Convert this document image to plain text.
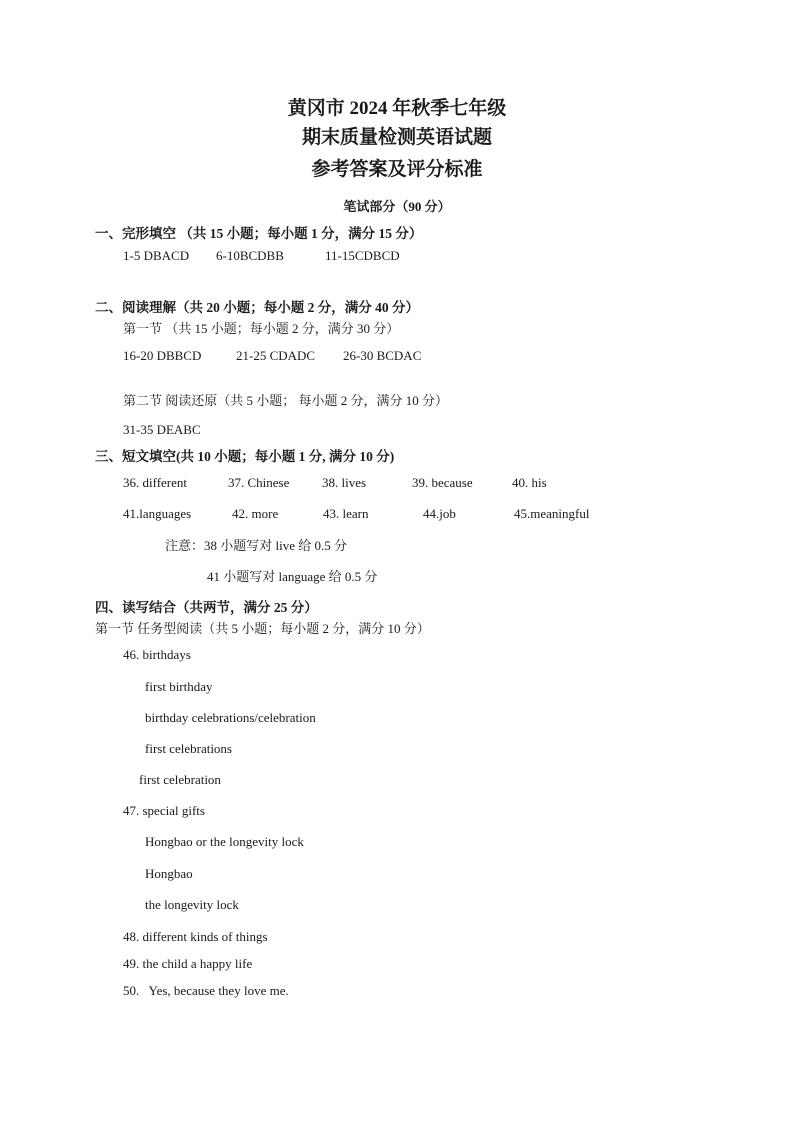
黄冈市 2024 年秋季七年级
期末质量检测英语试题
参考答案及评分标准
笔试部分（90 分）
一、完形填空 （共 15 小题；每小题 1 分，满分 15 分）
1-5 DBACD 6-10BCDBB	11-15CDBCD
二、阅读理解（共 20 小题；每小题 2 分，满分 40 分）
第一节 （共 15 小题；每小题 2 分，满分 30 分）
16-20 DBBCD	21-25 CDADC 26-30 BCDAC
第二节 阅读还原（共 5 小题； 每小题 2 分，满分 10 分）
31-35 DEABC
三、短文填空(共 10 小题；每小题 1 分, 满分 10 分)
36. different	37. Chinese	38. lives	39. because	40. his
41.languages	42. more	43. learn	44.job	45.meaningful
注意：38 小题写对 live 给 0.5 分
41 小题写对 language 给 0.5 分
四、读写结合（共两节，满分 25 分）
第一节 任务型阅读（共 5 小题；每小题 2 分，满分 10 分）
46. birthdays
first birthday
birthday celebrations/celebration
first celebrations
first celebration
47. special gifts
Hongbao or the longevity lock
Hongbao
the longevity lock
48. different kinds of things
49. the child a happy life
50.   Yes, because they love me.
